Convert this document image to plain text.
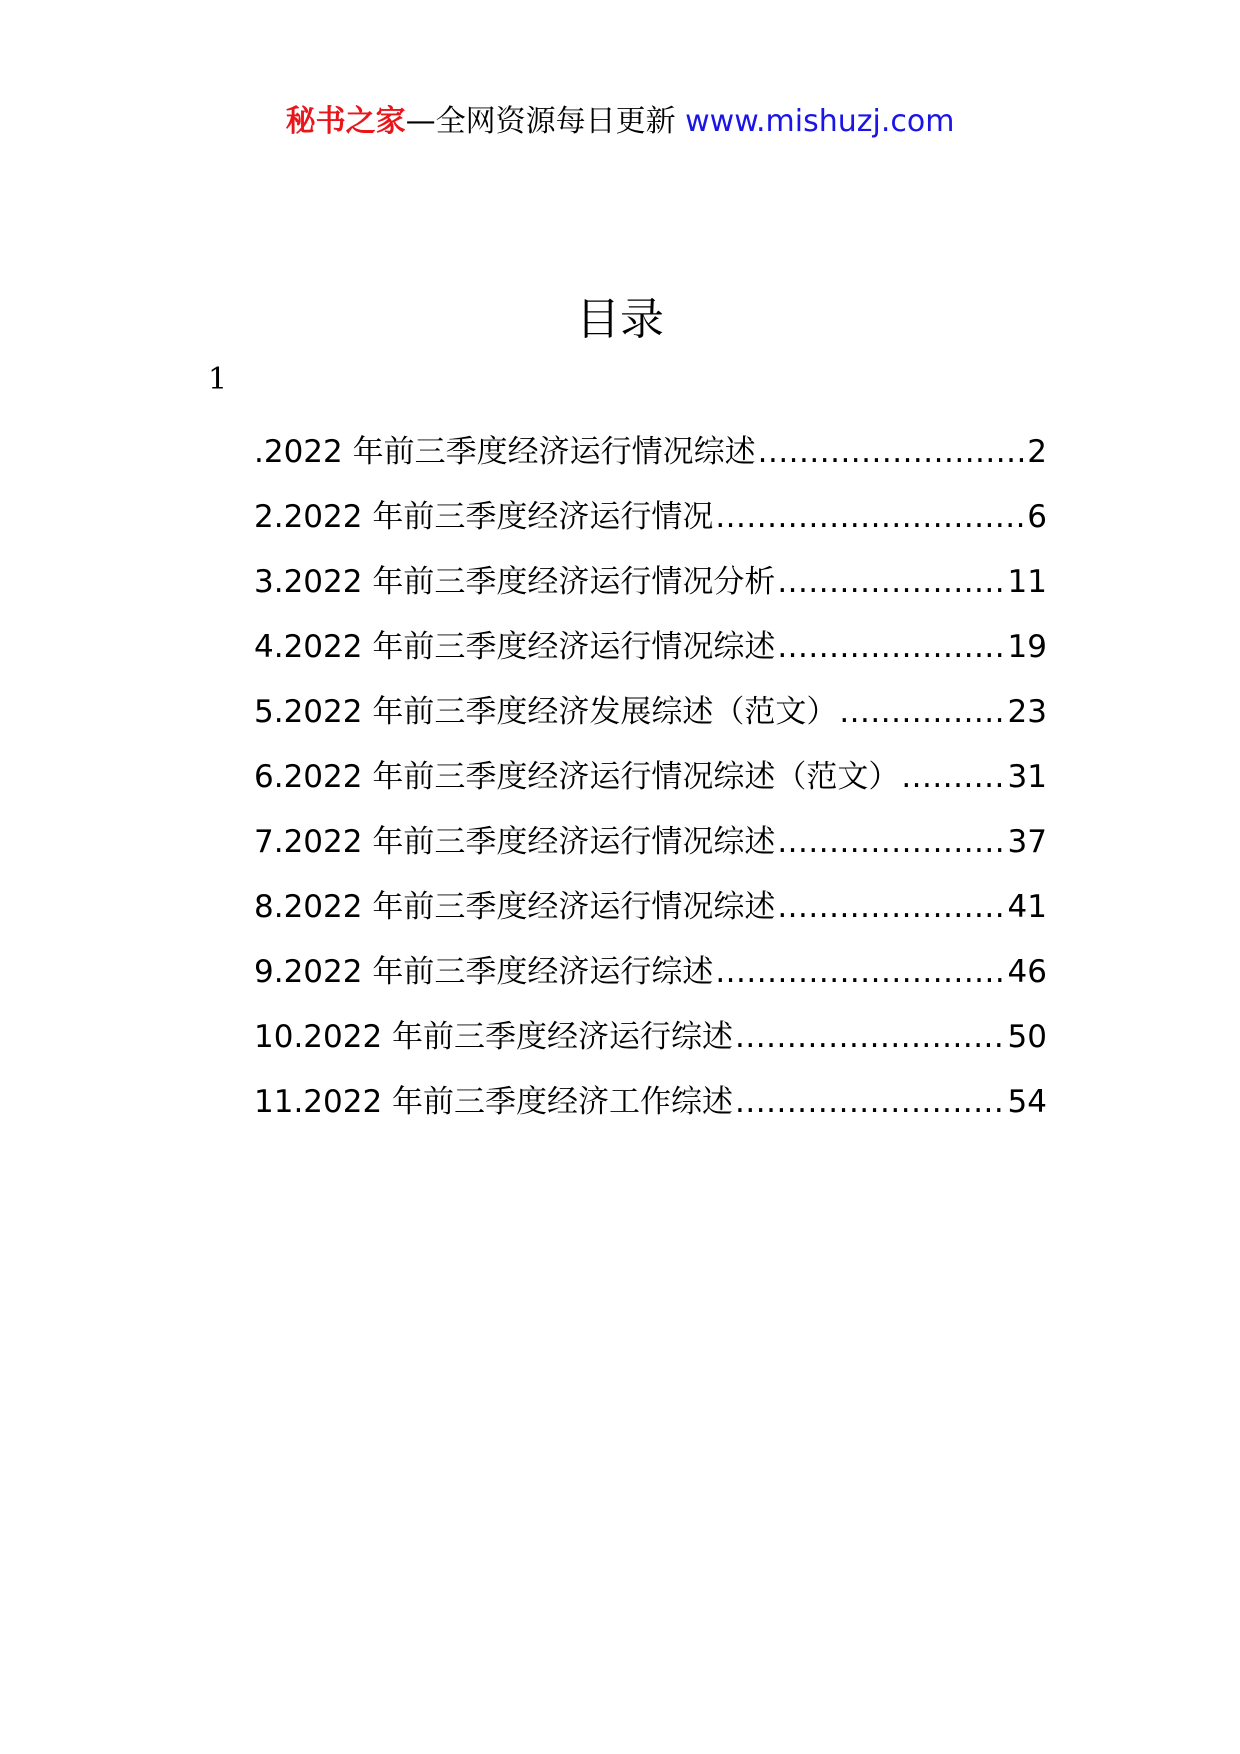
秘书之家—全网资源每日更新 www.mishuzj.com
目录
1
.2022 年前三季度经济运行情况综述 .....	2
2.2022 年前三季度经济运行情况 .....	6
3.2022 年前三季度经济运行情况分析 .....	11
4.2022 年前三季度经济运行情况综述 .....	19
5.2022 年前三季度经济发展综述（范文） .....	23
6.2022 年前三季度经济运行情况综述（范文） .....	31
7.2022 年前三季度经济运行情况综述 .....	37
8.2022 年前三季度经济运行情况综述 .....	41
9.2022 年前三季度经济运行综述 .....	46
10.2022 年前三季度经济运行综述 .....	50
11.2022 年前三季度经济工作综述 .....	54
